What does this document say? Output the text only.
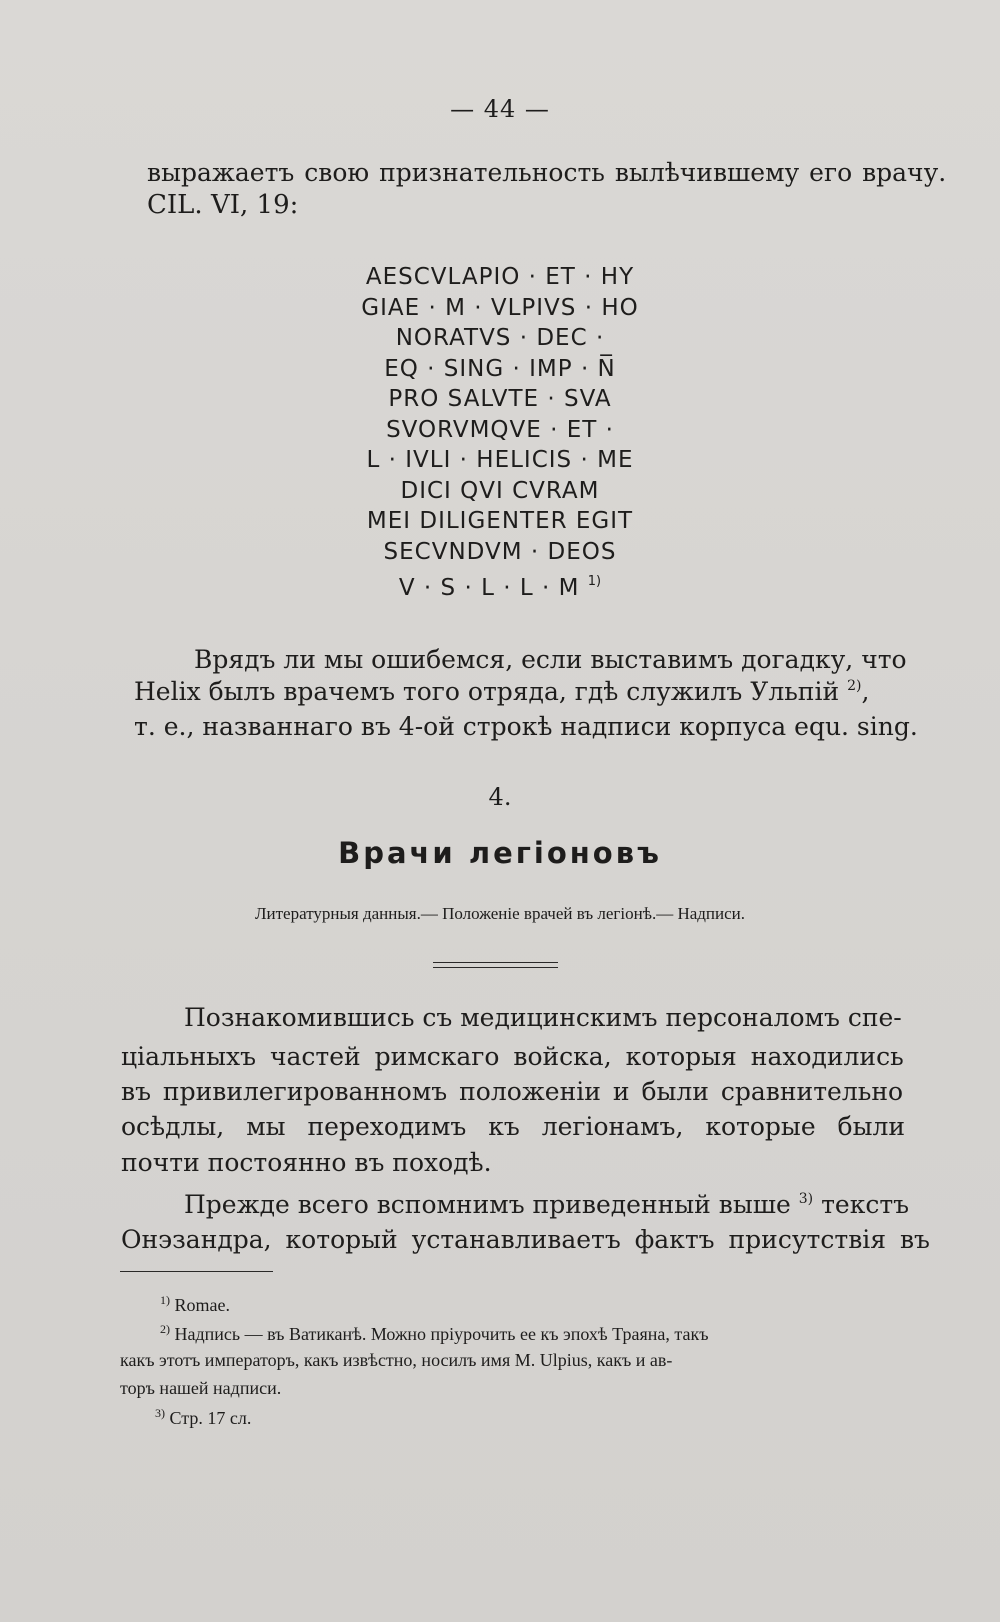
— 44 —
выражаетъ свою признательность вылѣчившему его врачу.
CIL. VI, 19:
AESCVLAPIO · ET · HY
GIAE · M · VLPIVS · HO
NORATVS · DEC ·
EQ · SING · IMP · N̅
PRO SALVTE · SVA
SVORVMQVE · ET ·
L · IVLI · HELICIS · ME
DICI QVI CVRAM
MEI DILIGENTER EGIT
SECVNDVM · DEOS
V · S · L · L · M $^{1)}$
Врядъ ли мы ошибемся, если выставимъ догадку, что
Helix былъ врачемъ того отряда, гдѣ служилъ Ульпій $^{2)}$,
т. е., названнаго въ 4-ой строкѣ надписи корпуса equ. sing.
4.
Врачи легіоновъ
Литературныя данныя.— Положеніе врачей въ легіонѣ.— Надписи.
Познакомившись съ медицинскимъ персоналомъ спе-
ціальныхъ частей римскаго войска, которыя находились
въ привилегированномъ положеніи и были сравнительно
осѣдлы, мы переходимъ къ легіонамъ, которые были
почти постоянно въ походѣ.
Прежде всего вспомнимъ приведенный выше $^{3)}$ текстъ
Онэзандра, который устанавливаетъ фактъ присутствія въ
$^{1)}$ Romae.
$^{2)}$ Надпись — въ Ватиканѣ. Можно пріурочить ее къ эпохѣ Траяна, такъ
какъ этотъ императоръ, какъ извѣстно, носилъ имя M. Ulpius, какъ и ав-
торъ нашей надписи.
$^{3)}$ Стр. 17 сл.
